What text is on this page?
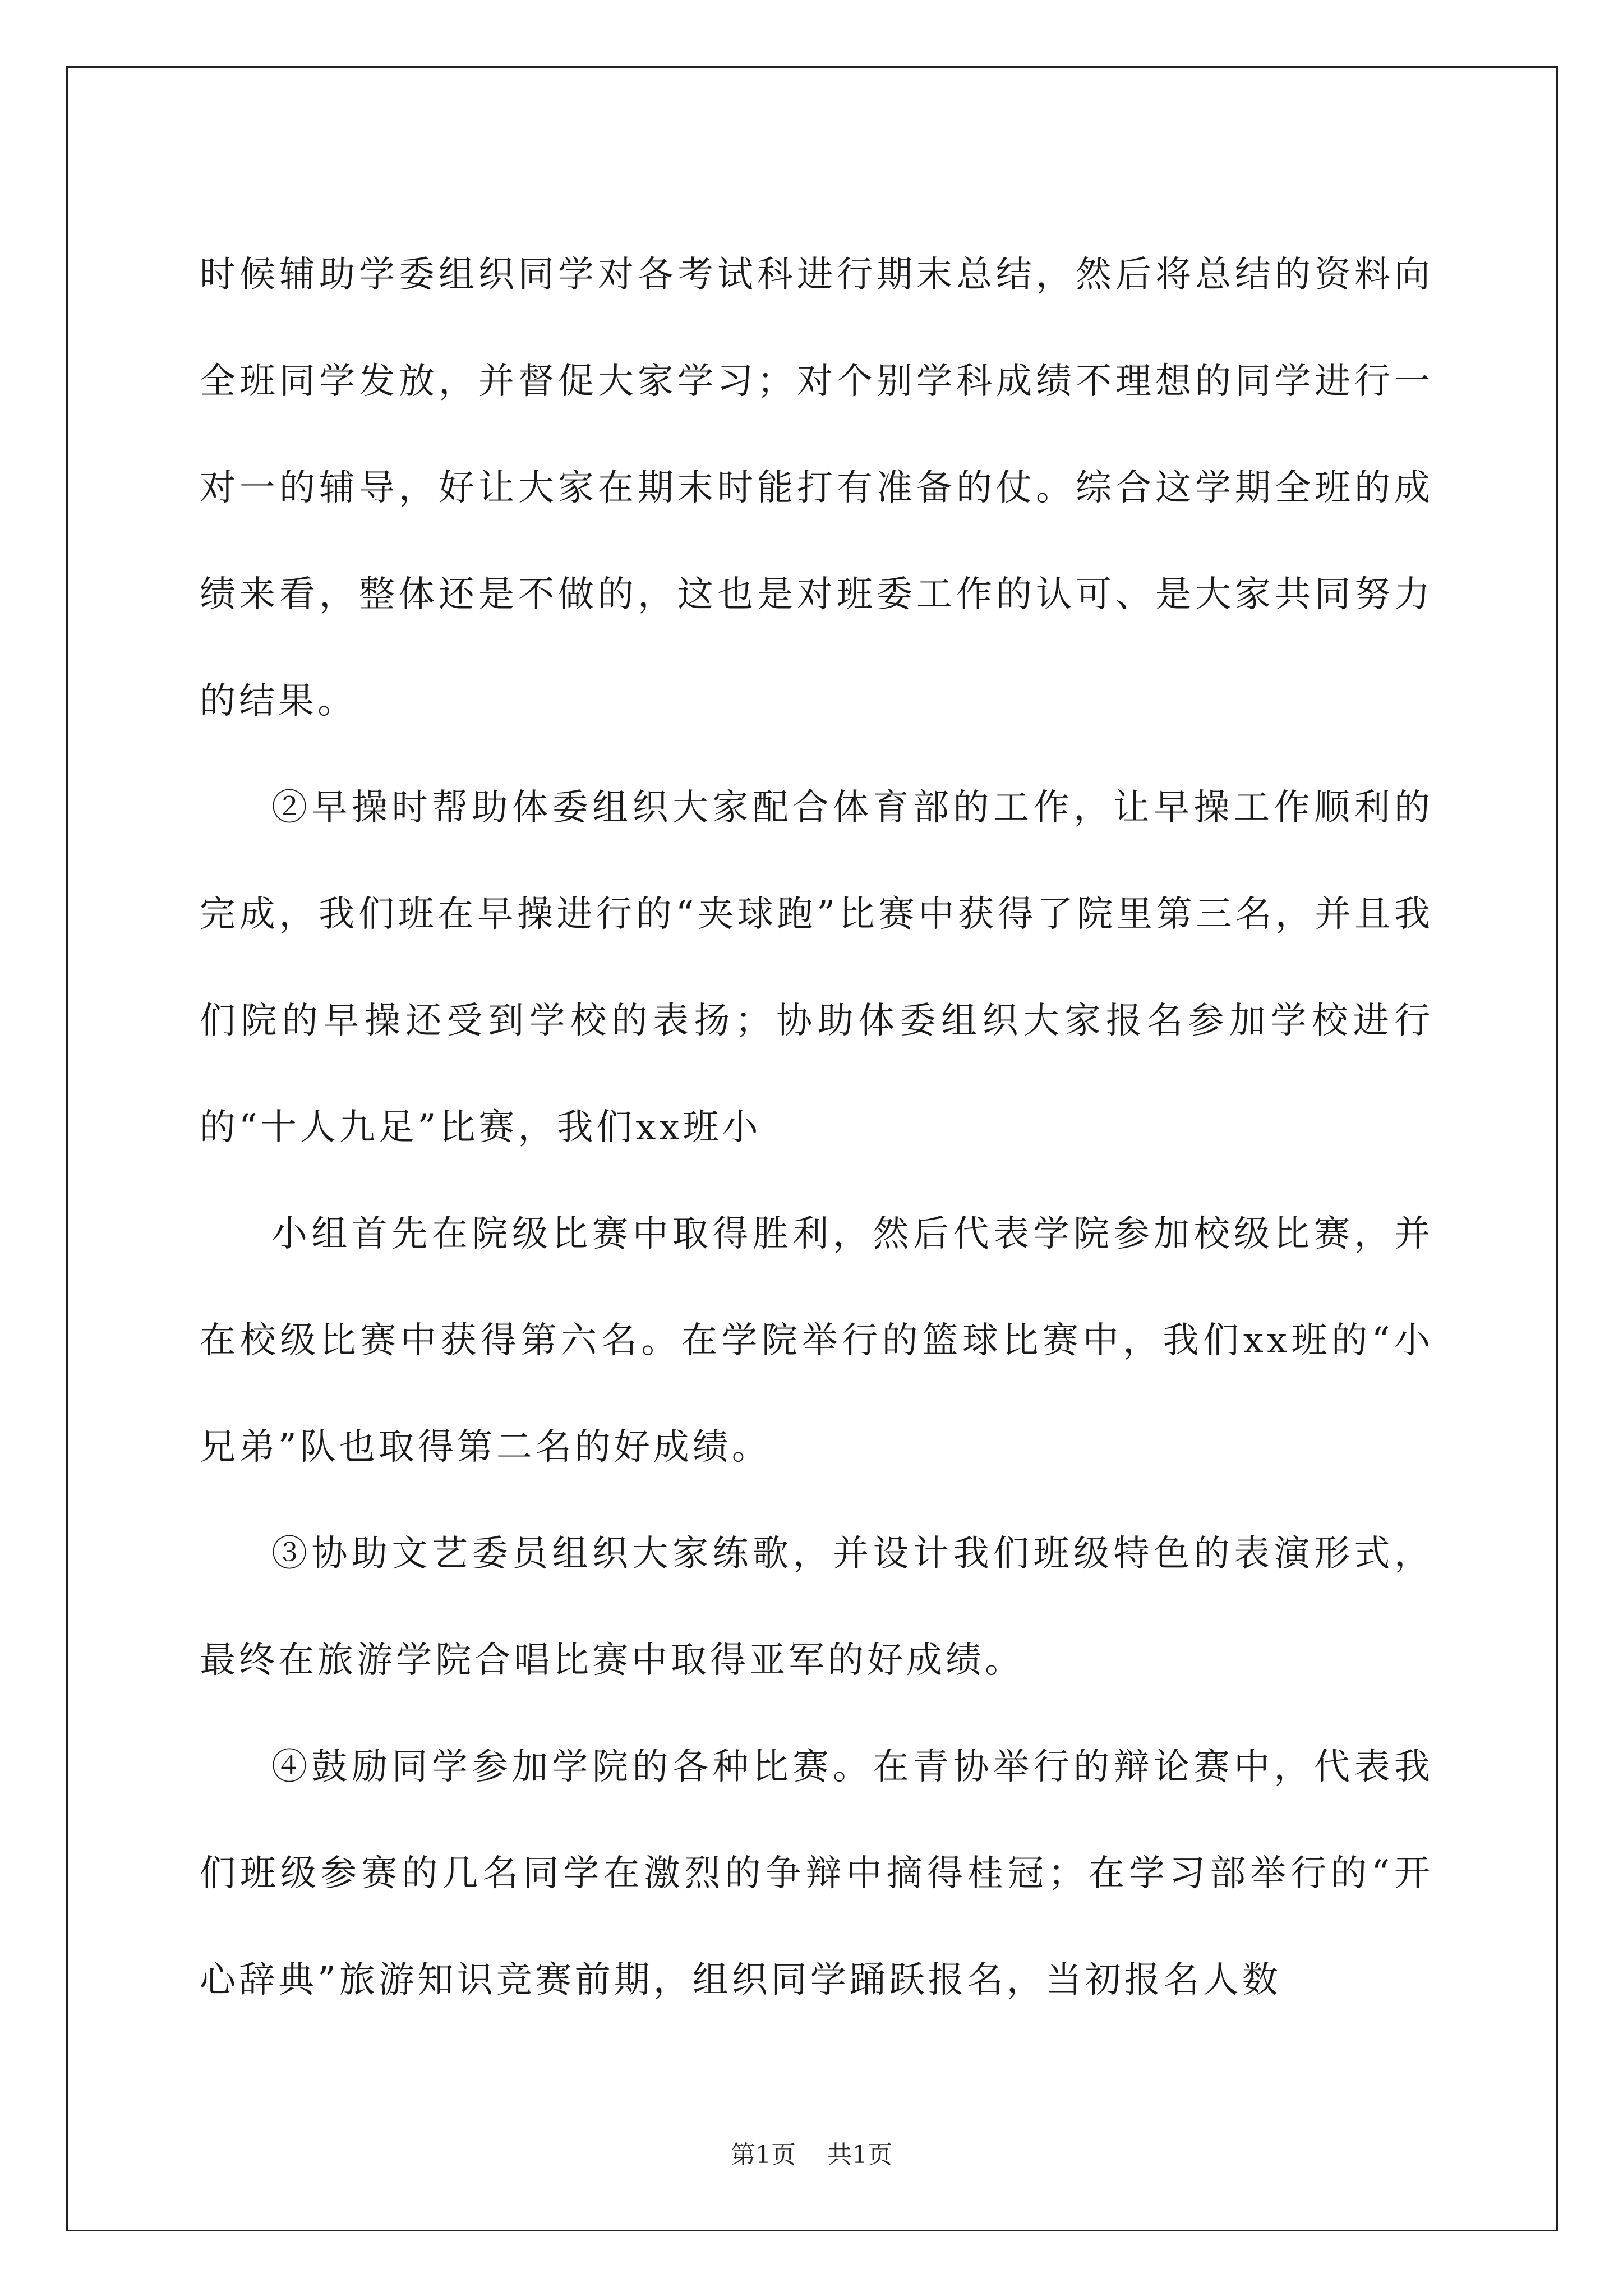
时候辅助学委组织同学对各考试科进行期末总结，然后将总结的资料向全班同学发放，并督促大家学习；对个别学科成绩不理想的同学进行一对一的辅导，好让大家在期末时能打有准备的仗。综合这学期全班的成绩来看，整体还是不做的，这也是对班委工作的认可、是大家共同努力的结果。

②早操时帮助体委组织大家配合体育部的工作，让早操工作顺利的完成，我们班在早操进行的“夹球跑”比赛中获得了院里第三名，并且我们院的早操还受到学校的表扬；协助体委组织大家报名参加学校进行的“十人九足”比赛，我们xx班小

小组首先在院级比赛中取得胜利，然后代表学院参加校级比赛，并在校级比赛中获得第六名。在学院举行的篮球比赛中，我们xx班的“小兄弟”队也取得第二名的好成绩。

③协助文艺委员组织大家练歌，并设计我们班级特色的表演形式，最终在旅游学院合唱比赛中取得亚军的好成绩。

④鼓励同学参加学院的各种比赛。在青协举行的辩论赛中，代表我们班级参赛的几名同学在激烈的争辩中摘得桂冠；在学习部举行的“开心辞典”旅游知识竞赛前期，组织同学踊跃报名，当初报名人数

第1页 共1页
